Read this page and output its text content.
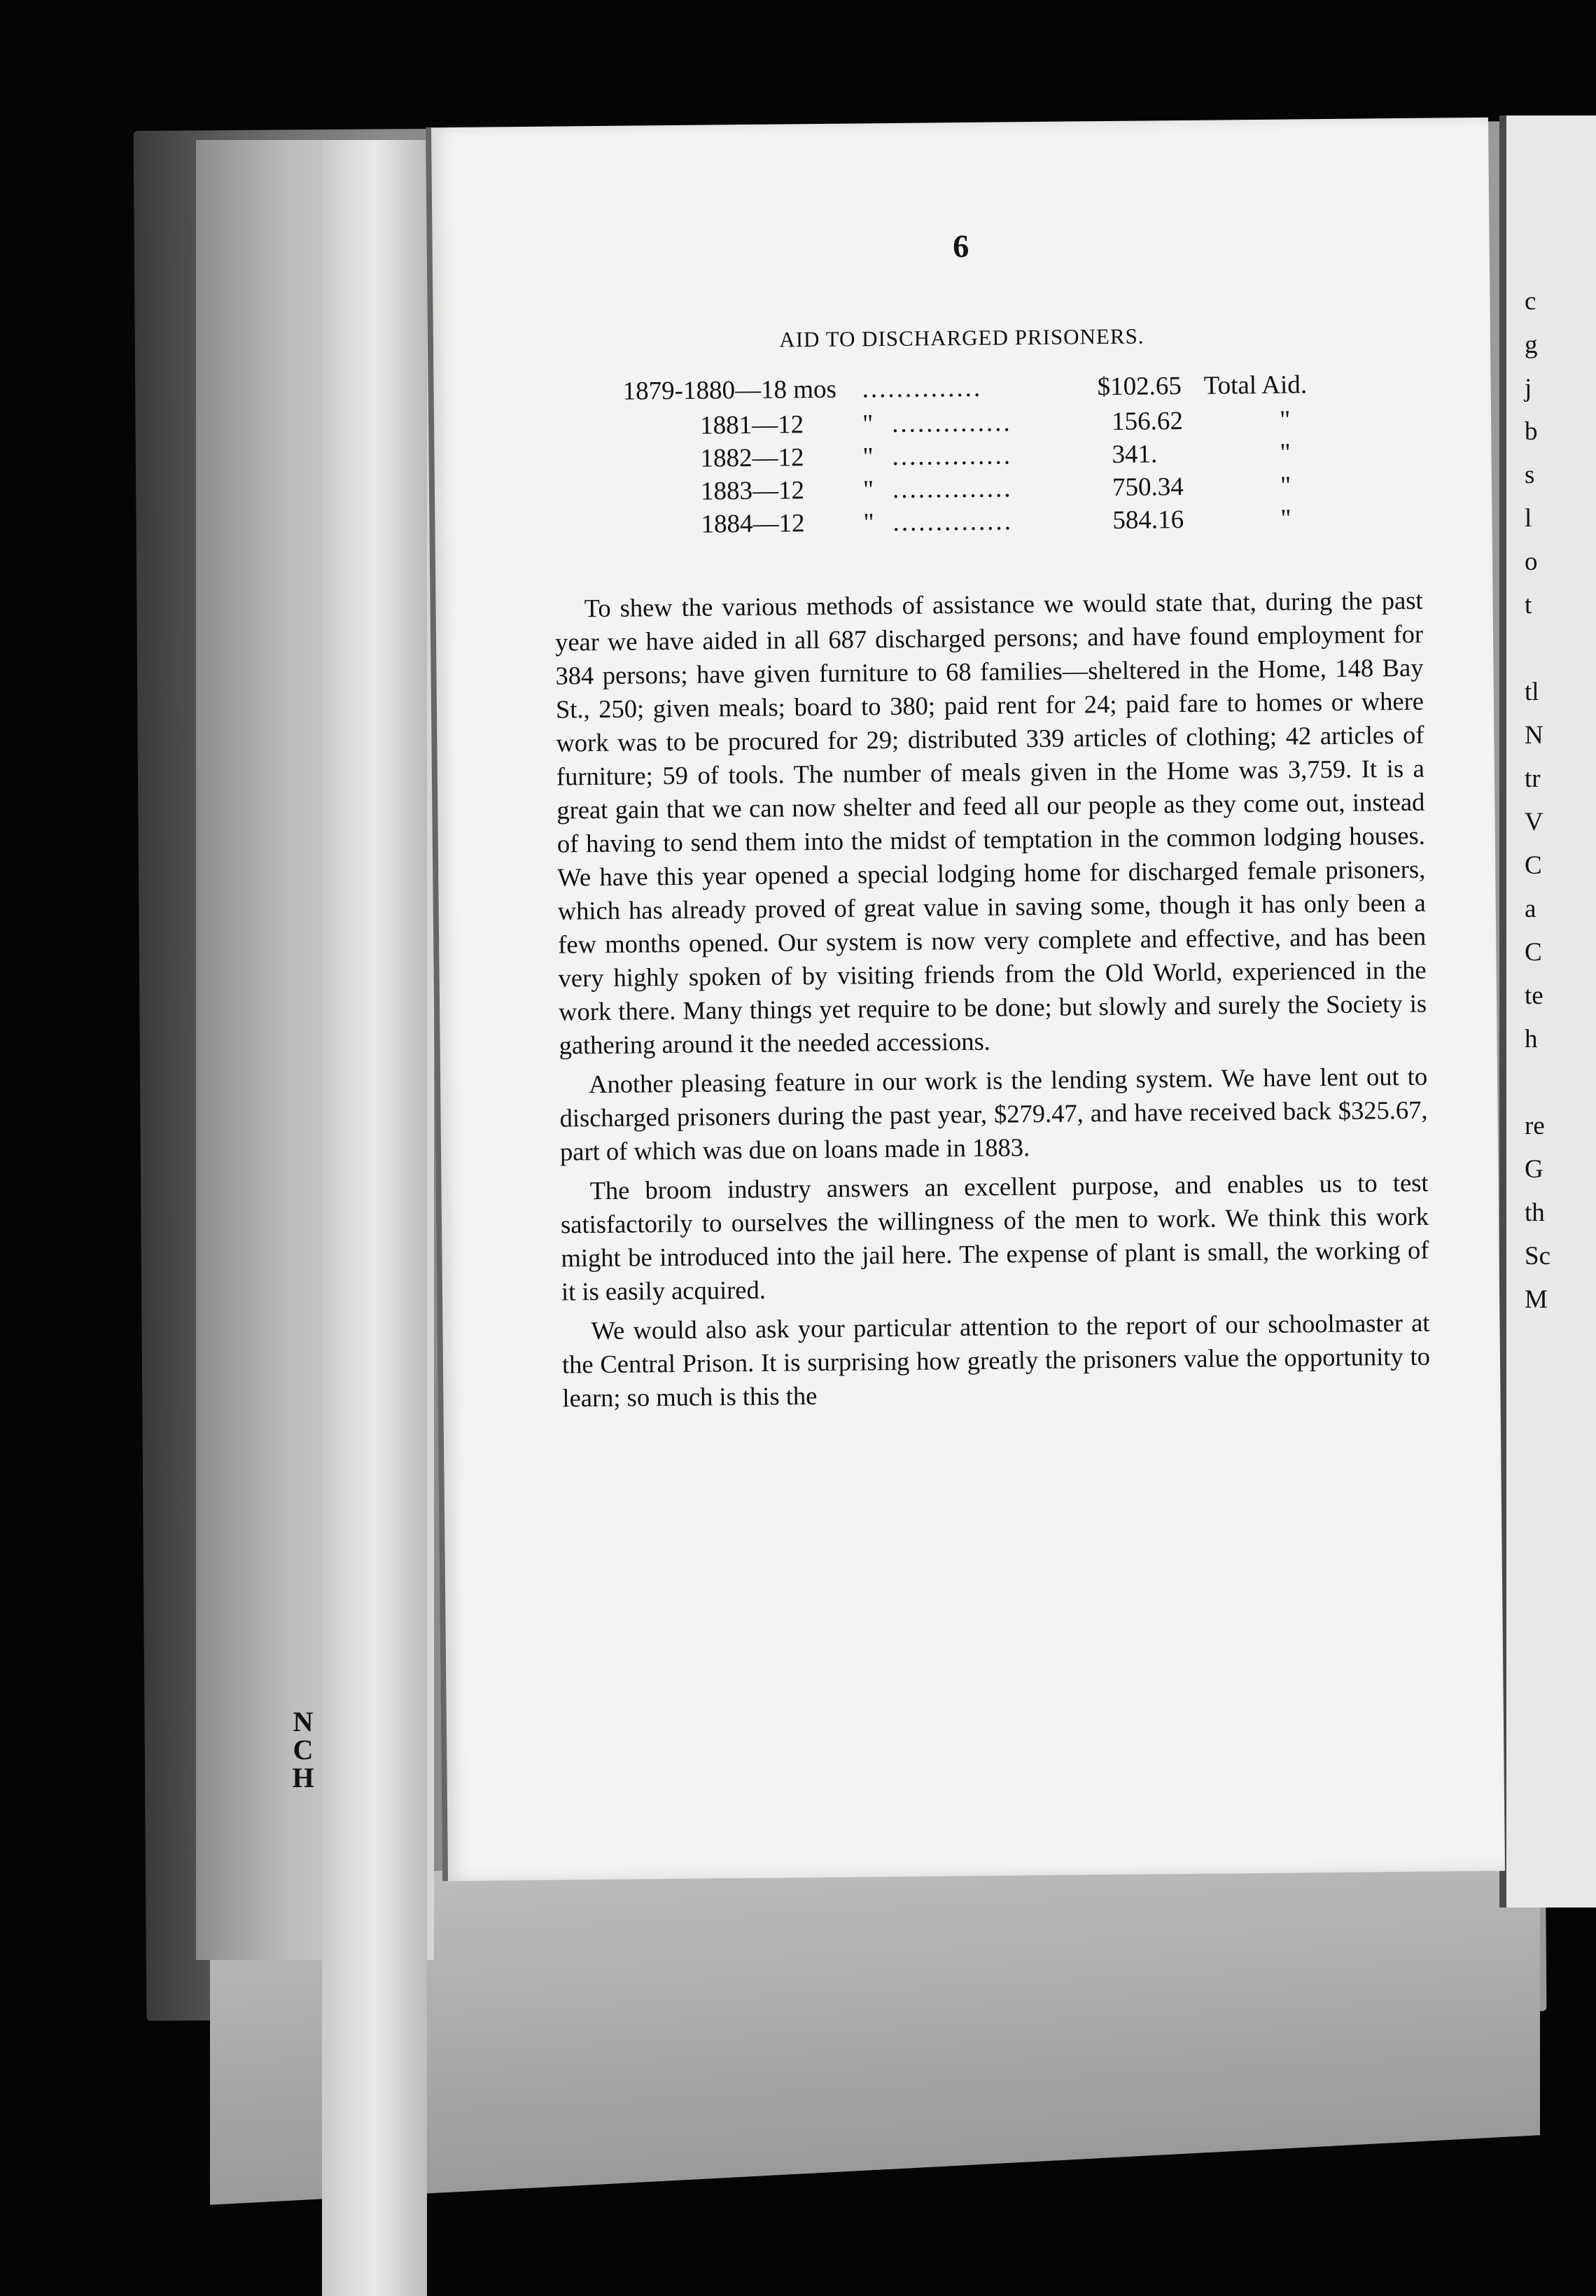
N
C
H
c
g
j
b
s
l
o
t
tl
N
tr
V
C
a
C
te
h
re
G
th
Sc
M
6
AID TO DISCHARGED PRISONERS.
1879-1880—18 mos ..............	$102.65 Total Aid.
1881—12	" ..............	156.62	"
1882—12	" ..............	341.	"
1883—12	" ..............	750.34	"
1884—12	" ..............	584.16	"

To shew the various methods of assistance we would state that, during the past year we have aided in all 687 discharged persons; and have found employment for 384 persons; have given furniture to 68 families—sheltered in the Home, 148 Bay St., 250; given meals; board to 380; paid rent for 24; paid fare to homes or where work was to be procured for 29; distributed 339 articles of clothing; 42 articles of furniture; 59 of tools. The number of meals given in the Home was 3,759. It is a great gain that we can now shelter and feed all our people as they come out, instead of having to send them into the midst of temptation in the common lodging houses. We have this year opened a special lodging home for discharged female prisoners, which has already proved of great value in saving some, though it has only been a few months opened. Our system is now very complete and effective, and has been very highly spoken of by visiting friends from the Old World, experienced in the work there. Many things yet require to be done; but slowly and surely the Society is gathering around it the needed accessions.

Another pleasing feature in our work is the lending system. We have lent out to discharged prisoners during the past year, $279.47, and have received back $325.67, part of which was due on loans made in 1883.

The broom industry answers an excellent purpose, and enables us to test satisfactorily to ourselves the willingness of the men to work. We think this work might be introduced into the jail here. The expense of plant is small, the working of it is easily acquired.

We would also ask your particular attention to the report of our schoolmaster at the Central Prison. It is surprising how greatly the prisoners value the opportunity to learn; so much is this the
